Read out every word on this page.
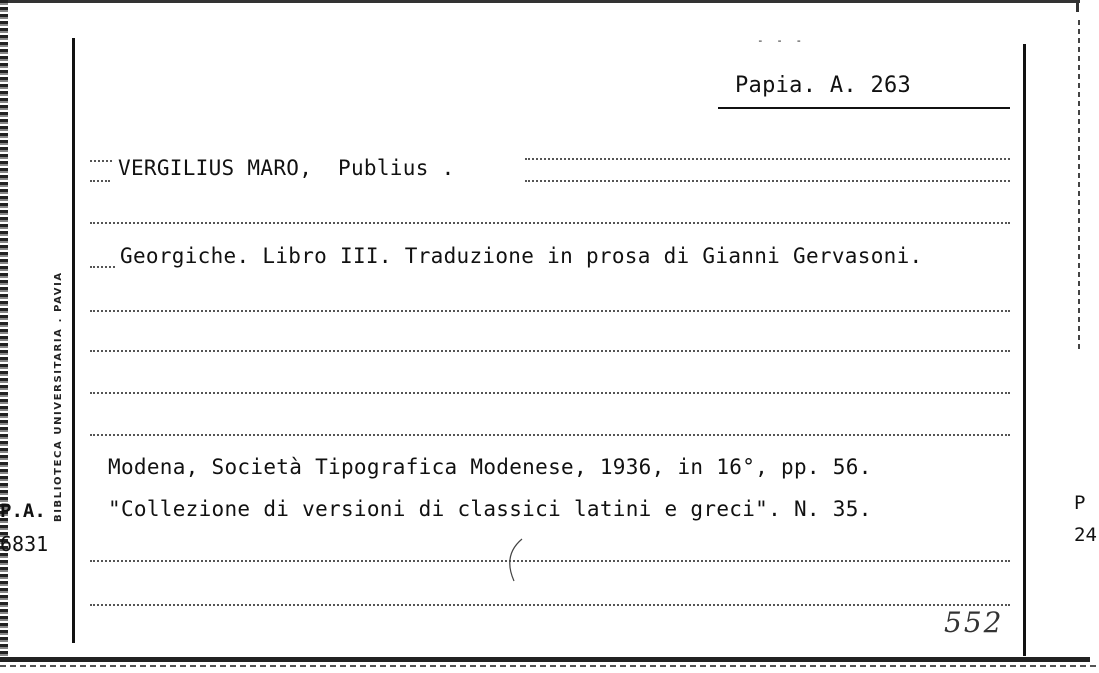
- - -
Papia. A. 263
VERGILIUS MARO,  Publius .
Georgiche. Libro III. Traduzione in prosa di Gianni Gervasoni.
Modena, Società Tipografica Modenese, 1936, in 16°, pp. 56.
"Collezione di versioni di classici latini e greci". N. 35.
BIBLIOTECA UNIVERSITARIA . PAVIA
P.A.
6831
P
24
552
